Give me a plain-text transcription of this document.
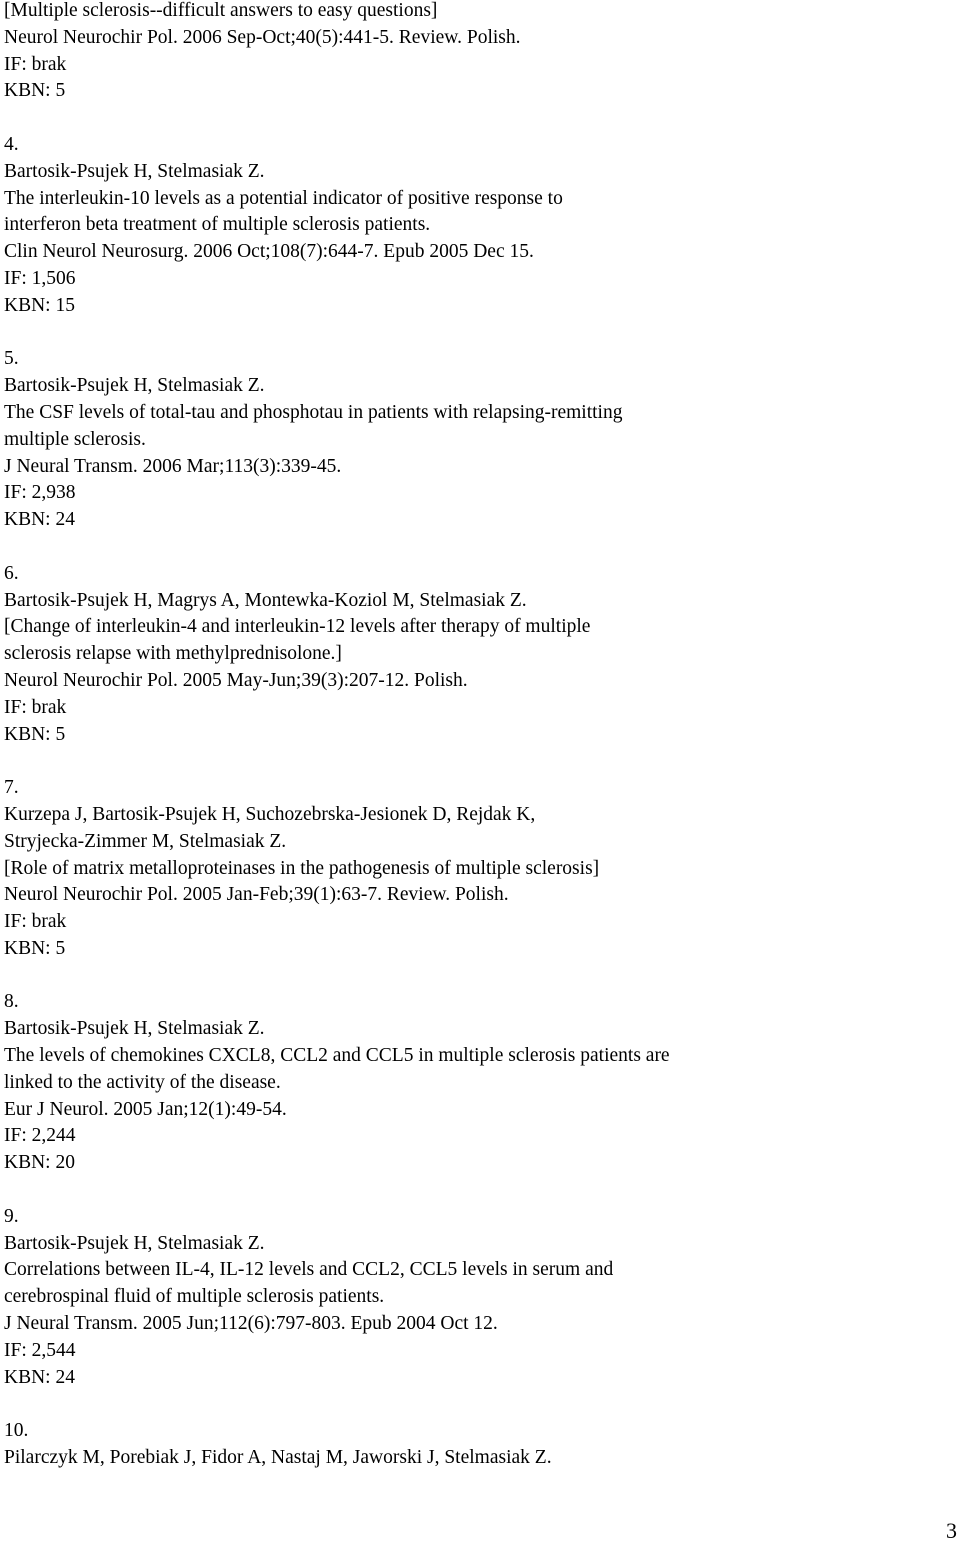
[Multiple sclerosis--difficult answers to easy questions]
Neurol Neurochir Pol. 2006 Sep-Oct;40(5):441-5. Review. Polish.
IF: brak
KBN: 5
4.
Bartosik-Psujek H, Stelmasiak Z.
The interleukin-10 levels as a potential indicator of positive response to
interferon beta treatment of multiple sclerosis patients.
Clin Neurol Neurosurg. 2006 Oct;108(7):644-7. Epub 2005 Dec 15.
IF: 1,506
KBN: 15
5.
Bartosik-Psujek H, Stelmasiak Z.
The CSF levels of total-tau and phosphotau in patients with relapsing-remitting
multiple sclerosis.
J Neural Transm. 2006 Mar;113(3):339-45.
IF: 2,938
KBN: 24
6.
Bartosik-Psujek H, Magrys A, Montewka-Koziol M, Stelmasiak Z.
[Change of interleukin-4 and interleukin-12 levels after therapy of multiple
sclerosis relapse with methylprednisolone.]
Neurol Neurochir Pol. 2005 May-Jun;39(3):207-12. Polish.
IF: brak
KBN: 5
7.
Kurzepa J, Bartosik-Psujek H, Suchozebrska-Jesionek D, Rejdak K,
Stryjecka-Zimmer M, Stelmasiak Z.
[Role of matrix metalloproteinases in the pathogenesis of multiple sclerosis]
Neurol Neurochir Pol. 2005 Jan-Feb;39(1):63-7. Review. Polish.
IF: brak
KBN: 5
8.
Bartosik-Psujek H, Stelmasiak Z.
The levels of chemokines CXCL8, CCL2 and CCL5 in multiple sclerosis patients are
linked to the activity of the disease.
Eur J Neurol. 2005 Jan;12(1):49-54.
IF: 2,244
KBN: 20
9.
Bartosik-Psujek H, Stelmasiak Z.
Correlations between IL-4, IL-12 levels and CCL2, CCL5 levels in serum and
cerebrospinal fluid of multiple sclerosis patients.
J Neural Transm. 2005 Jun;112(6):797-803. Epub 2004 Oct 12.
IF: 2,544
KBN: 24
10.
Pilarczyk M, Porebiak J, Fidor A, Nastaj M, Jaworski J, Stelmasiak Z.
3
